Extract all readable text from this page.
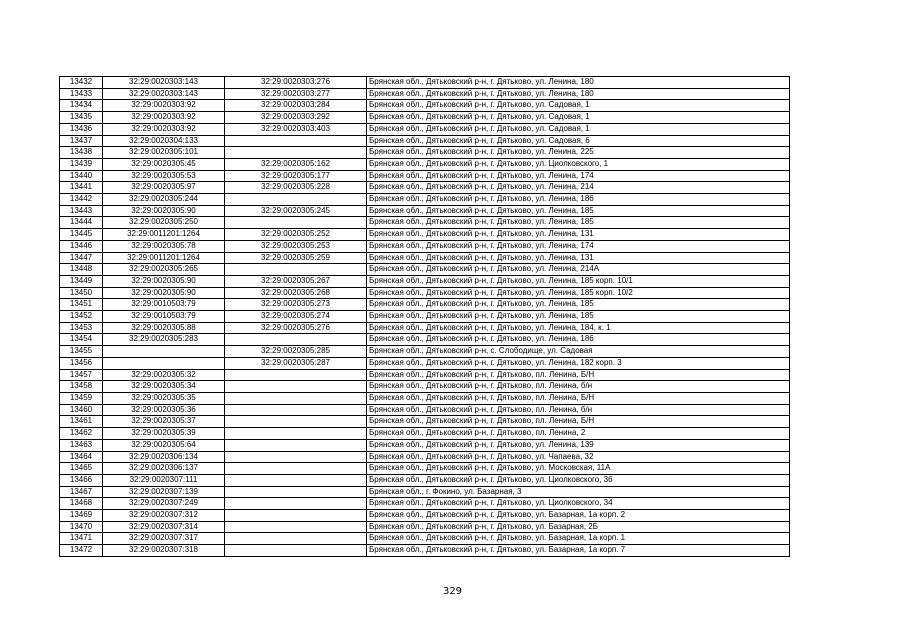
13432	32:29:0020303:143	32:29:0020303:276	Брянская обл., Дятьковский р-н, г. Дятьково, ул. Ленина, 180
13433	32:29:0020303:143	32:29:0020303:277	Брянская обл., Дятьковский р-н, г. Дятьково, ул. Ленина, 180
13434	32:29:0020303:92	32:29:0020303:284	Брянская обл., Дятьковский р-н, г. Дятьково, ул. Садовая, 1
13435	32:29:0020303:92	32:29:0020303:292	Брянская обл., Дятьковский р-н, г. Дятьково, ул. Садовая, 1
13436	32:29:0020303:92	32:29:0020303:403	Брянская обл., Дятьковский р-н, г. Дятьково, ул. Садовая, 1
13437	32:29:0020304:133		Брянская обл., Дятьковский р-н, г. Дятьково, ул. Садовая, 6
13438	32:29:0020305:101		Брянская обл., Дятьковский р-н, г. Дятьково, ул. Ленина, 225
13439	32:29:0020305:45	32:29:0020305:162	Брянская обл., Дятьковский р-н, г. Дятьково, ул. Циолковского, 1
13440	32:29:0020305:53	32:29:0020305:177	Брянская обл., Дятьковский р-н, г. Дятьково, ул. Ленина, 174
13441	32:29:0020305:97	32:29:0020305:228	Брянская обл., Дятьковский р-н, г. Дятьково, ул. Ленина, 214
13442	32:29:0020305:244		Брянская обл., Дятьковский р-н, г. Дятьково, ул. Ленина, 186
13443	32:29:0020305:90	32:29:0020305:245	Брянская обл., Дятьковский р-н, г. Дятьково, ул. Ленина, 185
13444	32:29:0020305:250		Брянская обл., Дятьковский р-н, г. Дятьково, ул. Ленина, 185
13445	32:29:0011201:1264	32:29:0020305:252	Брянская обл., Дятьковский р-н, г. Дятьково, ул. Ленина, 131
13446	32:29:0020305:78	32:29:0020305:253	Брянская обл., Дятьковский р-н, г. Дятьково, ул. Ленина, 174
13447	32:29:0011201:1264	32:29:0020305:259	Брянская обл., Дятьковский р-н, г. Дятьково, ул. Ленина, 131
13448	32:29:0020305:265		Брянская обл., Дятьковский р-н, г. Дятьково, ул. Ленина, 214А
13449	32:29:0020305:90	32:29:0020305:267	Брянская обл., Дятьковский р-н, г. Дятьково, ул. Ленина, 185 корп. 10/1
13450	32:29:0020305:90	32:29:0020305:268	Брянская обл., Дятьковский р-н, г. Дятьково, ул. Ленина, 185 корп. 10/2
13451	32:29:0010503:79	32:29:0020305:273	Брянская обл., Дятьковский р-н, г. Дятьково, ул. Ленина, 185
13452	32:29:0010503:79	32:29:0020305:274	Брянская обл., Дятьковский р-н, г. Дятьково, ул. Ленина, 185
13453	32:29:0020305:88	32:29:0020305:276	Брянская обл., Дятьковский р-н, г. Дятьково, ул. Ленина, 184, к. 1
13454	32:29:0020305:283		Брянская обл., Дятьковский р-н, г. Дятьково, ул. Ленина, 186
13455		32:29:0020305:285	Брянская обл., Дятьковский р-н, с. Слободище, ул. Садовая
13456		32:29:0020305:287	Брянская обл., Дятьковский р-н, г. Дятьково, ул. Ленина, 182 корп. 3
13457	32:29:0020305:32		Брянская обл., Дятьковский р-н, г. Дятьково, пл. Ленина, Б/Н
13458	32:29:0020305:34		Брянская обл., Дятьковский р-н, г. Дятьково, пл. Ленина, б/н
13459	32:29:0020305:35		Брянская обл., Дятьковский р-н, г. Дятьково, пл. Ленина, Б/Н
13460	32:29:0020305:36		Брянская обл., Дятьковский р-н, г. Дятьково, пл. Ленина, б/н
13461	32:29:0020305:37		Брянская обл., Дятьковский р-н, г. Дятьково, пл. Ленина, Б/Н
13462	32:29:0020305:39		Брянская обл., Дятьковский р-н, г. Дятьково, пл. Ленина, 2
13463	32:29:0020305:64		Брянская обл., Дятьковский р-н, г. Дятьково, ул. Ленина, 139
13464	32:29:0020306:134		Брянская обл., Дятьковский р-н, г. Дятьково, ул. Чапаева, 32
13465	32:29:0020306:137		Брянская обл., Дятьковский р-н, г. Дятьково, ул. Московская, 11А
13466	32:29:0020307:111		Брянская обл., Дятьковский р-н, г. Дятьково, ул. Циолковского, 36
13467	32:29:0020307:139		Брянская обл., г. Фокино, ул. Базарная, 3
13468	32:29:0020307:249		Брянская обл., Дятьковский р-н, г. Дятьково, ул. Циолковского, 34
13469	32:29:0020307:312		Брянская обл., Дятьковский р-н, г. Дятьково, ул. Базарная, 1а корп. 2
13470	32:29:0020307:314		Брянская обл., Дятьковский р-н, г. Дятьково, ул. Базарная, 2Б
13471	32:29:0020307:317		Брянская обл., Дятьковский р-н, г. Дятьково, ул. Базарная, 1а корп. 1
13472	32:29:0020307:318		Брянская обл., Дятьковский р-н, г. Дятьково, ул. Базарная, 1а корп. 7
329
